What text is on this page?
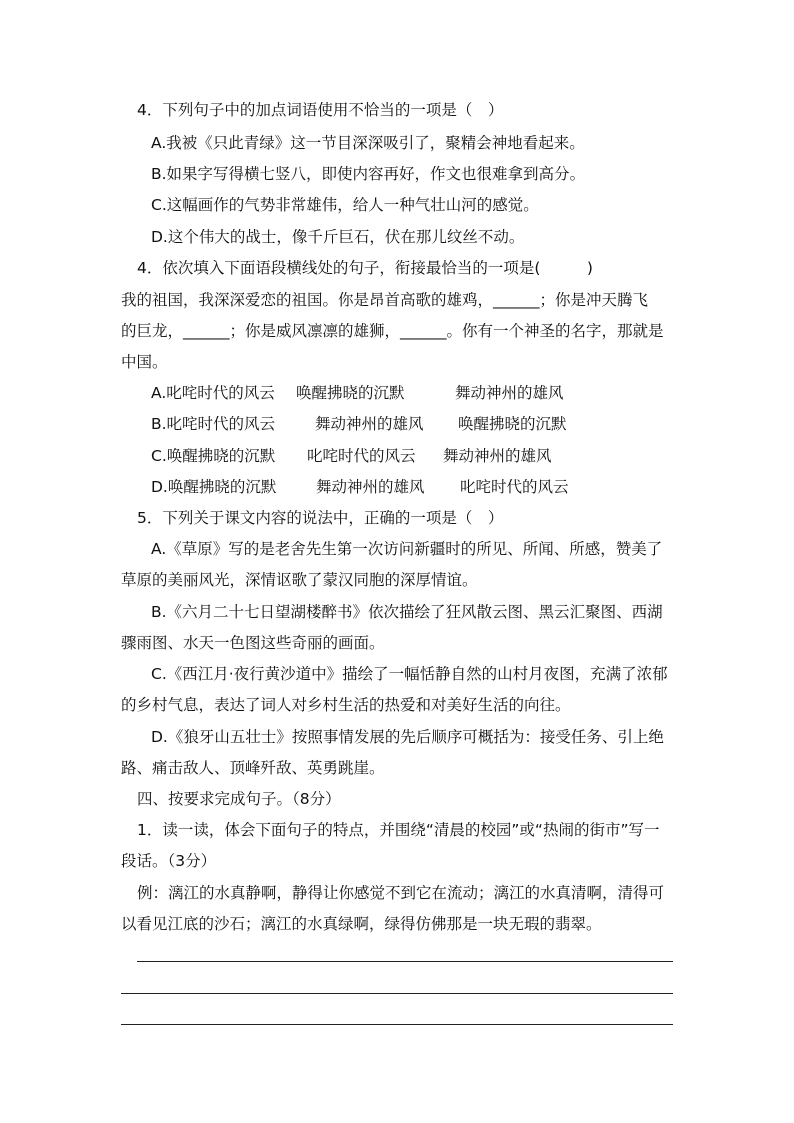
4．下列句子中的加点词语使用不恰当的一项是（　）
A.我被《只此青绿》这一节目深深吸引了，聚精会神地看起来。
B.如果字写得横七竖八，即使内容再好，作文也很难拿到高分。
C.这幅画作的气势非常雄伟，给人一种气壮山河的感觉。
D.这个伟大的战士，像千斤巨石，伏在那儿纹丝不动。
4．依次填入下面语段横线处的句子，衔接最恰当的一项是(　　　)
我的祖国，我深深爱恋的祖国。你是昂首高歌的雄鸡，______；你是冲天腾飞
的巨龙，______；你是威风凛凛的雄狮，______。你有一个神圣的名字，那就是
中国。
A.叱咤时代的风云 唤醒拂晓的沉默	舞动神州的雄风
B.叱咤时代的风云	舞动神州的雄风 唤醒拂晓的沉默
C.唤醒拂晓的沉默 叱咤时代的风云 舞动神州的雄风
D.唤醒拂晓的沉默	舞动神州的雄风 叱咤时代的风云
5．下列关于课文内容的说法中，正确的一项是（　）
A.《草原》写的是老舍先生第一次访问新疆时的所见、所闻、所感，赞美了
草原的美丽风光，深情讴歌了蒙汉同胞的深厚情谊。
B.《六月二十七日望湖楼醉书》依次描绘了狂风散云图、黑云汇聚图、西湖
骤雨图、水天一色图这些奇丽的画面。
C.《西江月·夜行黄沙道中》描绘了一幅恬静自然的山村月夜图，充满了浓郁
的乡村气息，表达了词人对乡村生活的热爱和对美好生活的向往。
D.《狼牙山五壮士》按照事情发展的先后顺序可概括为：接受任务、引上绝
路、痛击敌人、顶峰歼敌、英勇跳崖。
四、按要求完成句子。（8分）
1．读一读，体会下面句子的特点，并围绕“清晨的校园”或“热闹的街市”写一
段话。（3分）
例：漓江的水真静啊，静得让你感觉不到它在流动；漓江的水真清啊，清得可
以看见江底的沙石；漓江的水真绿啊，绿得仿佛那是一块无瑕的翡翠。
